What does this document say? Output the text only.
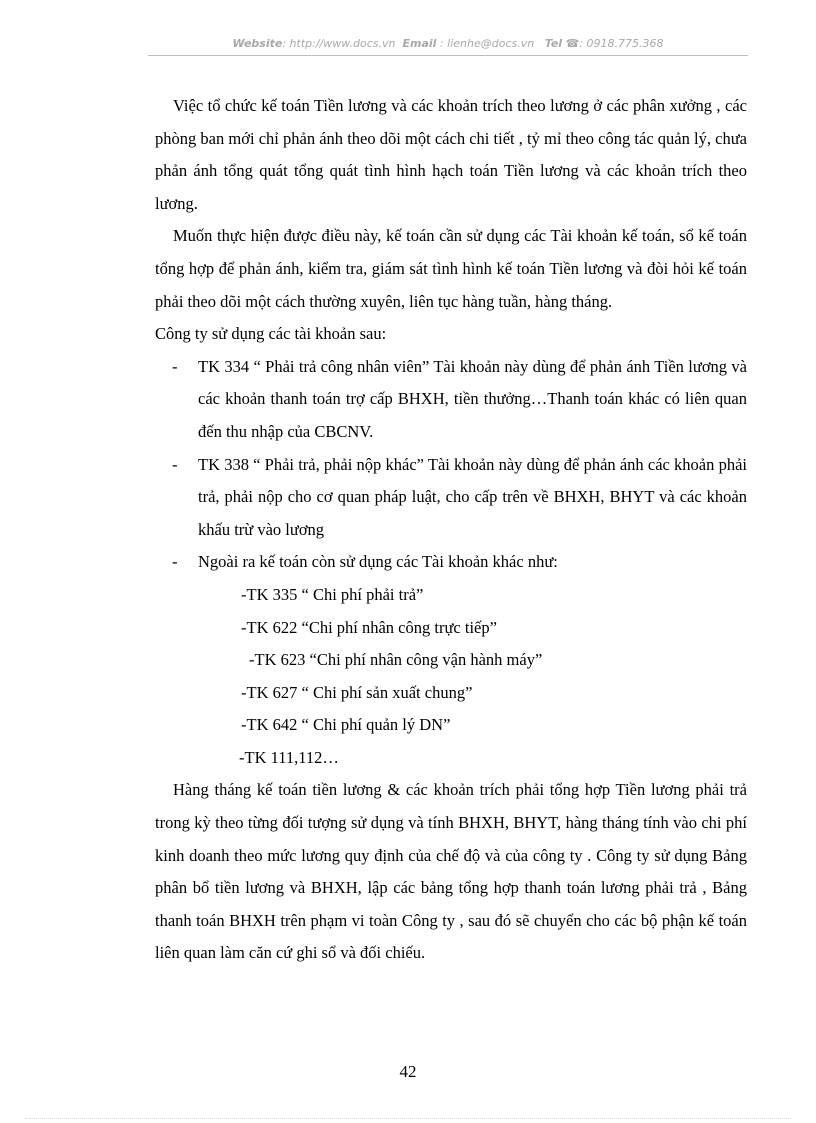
Website: http://www.docs.vn Email : lienhe@docs.vn Tel ☎: 0918.775.368

Việc tổ chức kế toán Tiền lương và các khoản trích theo lương ở các phân xưởng , các phòng ban mới chỉ phản ánh theo dõi một cách chi tiết , tỷ mỉ theo công tác quản lý, chưa phản ánh tổng quát tổng quát tình hình hạch toán Tiền lương và các khoản trích theo lương.

Muốn thực hiện được điều này, kế toán cần sử dụng các Tài khoản kế toán, sổ kế toán tổng hợp để phản ánh, kiểm tra, giám sát tình hình kế toán Tiền lương và đòi hỏi kế toán phải theo dõi một cách thường xuyên, liên tục hàng tuần, hàng tháng.

Công ty sử dụng các tài khoản sau:

- TK 334 “ Phải trả công nhân viên” Tài khoản này dùng để phản ánh Tiền lương và các khoản thanh toán trợ cấp BHXH, tiền thưởng…Thanh toán khác có liên quan đến thu nhập của CBCNV.

- TK 338 “ Phải trả, phải nộp khác” Tài khoản này dùng để phản ánh các khoản phải trả, phải nộp cho cơ quan pháp luật, cho cấp trên về BHXH, BHYT và các khoản khấu trừ vào lương

- Ngoài ra kế toán còn sử dụng các Tài khoản khác như:

-TK 335 “ Chi phí phải trả”

-TK 622 “Chi phí nhân công trực tiếp”

-TK 623 “Chi phí nhân công vận hành máy”

-TK 627 “ Chi phí sản xuất chung”

-TK 642 “ Chi phí quản lý DN”

-TK 111,112…

Hàng tháng kế toán tiền lương & các khoản trích phải tổng hợp Tiền lương phải trả trong kỳ theo từng đối tượng sử dụng và tính BHXH, BHYT, hàng tháng tính vào chi phí kinh doanh theo mức lương quy định của chế độ và của công ty . Công ty sử dụng Bảng phân bổ tiền lương và BHXH, lập các bảng tổng hợp thanh toán lương phải trả , Bảng thanh toán BHXH trên phạm vi toàn Công ty , sau đó sẽ chuyển cho các bộ phận kế toán liên quan làm căn cứ ghi sổ và đối chiếu.

42
